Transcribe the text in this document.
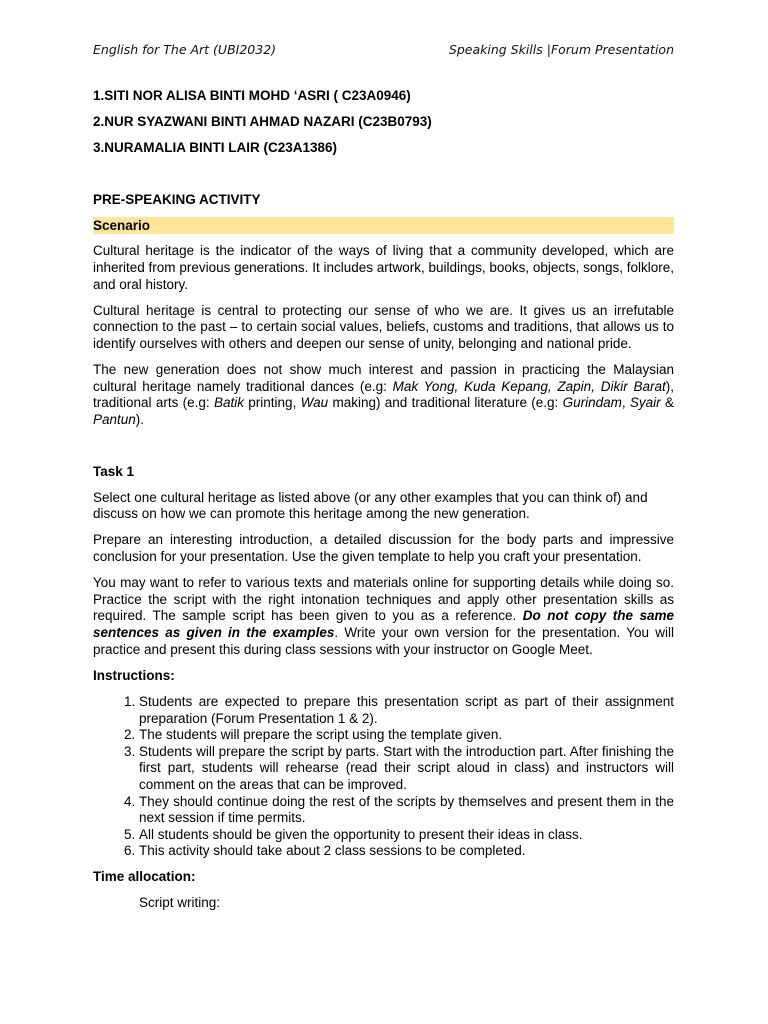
English for The Art (UBI2032)	Speaking Skills |Forum Presentation
1.SITI NOR ALISA BINTI MOHD ‘ASRI ( C23A0946)
2.NUR SYAZWANI BINTI AHMAD NAZARI (C23B0793)
3.NURAMALIA BINTI LAIR (C23A1386)
PRE-SPEAKING ACTIVITY
Scenario

Cultural heritage is the indicator of the ways of living that a community developed, which are inherited from previous generations. It includes artwork, buildings, books, objects, songs, folklore, and oral history.

Cultural heritage is central to protecting our sense of who we are. It gives us an irrefutable connection to the past – to certain social values, beliefs, customs and traditions, that allows us to identify ourselves with others and deepen our sense of unity, belonging and national pride.

The new generation does not show much interest and passion in practicing the Malaysian cultural heritage namely traditional dances (e.g: Mak Yong, Kuda Kepang, Zapin, Dikir Barat), traditional arts (e.g: Batik printing, Wau making) and traditional literature (e.g: Gurindam, Syair & Pantun).

Task 1

Select one cultural heritage as listed above (or any other examples that you can think of) and discuss on how we can promote this heritage among the new generation.

Prepare an interesting introduction, a detailed discussion for the body parts and impressive conclusion for your presentation. Use the given template to help you craft your presentation.

You may want to refer to various texts and materials online for supporting details while doing so. Practice the script with the right intonation techniques and apply other presentation skills as required. The sample script has been given to you as a reference. Do not copy the same sentences as given in the examples. Write your own version for the presentation. You will practice and present this during class sessions with your instructor on Google Meet.

Instructions:
1. Students are expected to prepare this presentation script as part of their assignment preparation (Forum Presentation 1 & 2).
2. The students will prepare the script using the template given.
3. Students will prepare the script by parts. Start with the introduction part. After finishing the first part, students will rehearse (read their script aloud in class) and instructors will comment on the areas that can be improved.
4. They should continue doing the rest of the scripts by themselves and present them in the next session if time permits.
5. All students should be given the opportunity to present their ideas in class.
6. This activity should take about 2 class sessions to be completed.
Time allocation:
Script writing:
